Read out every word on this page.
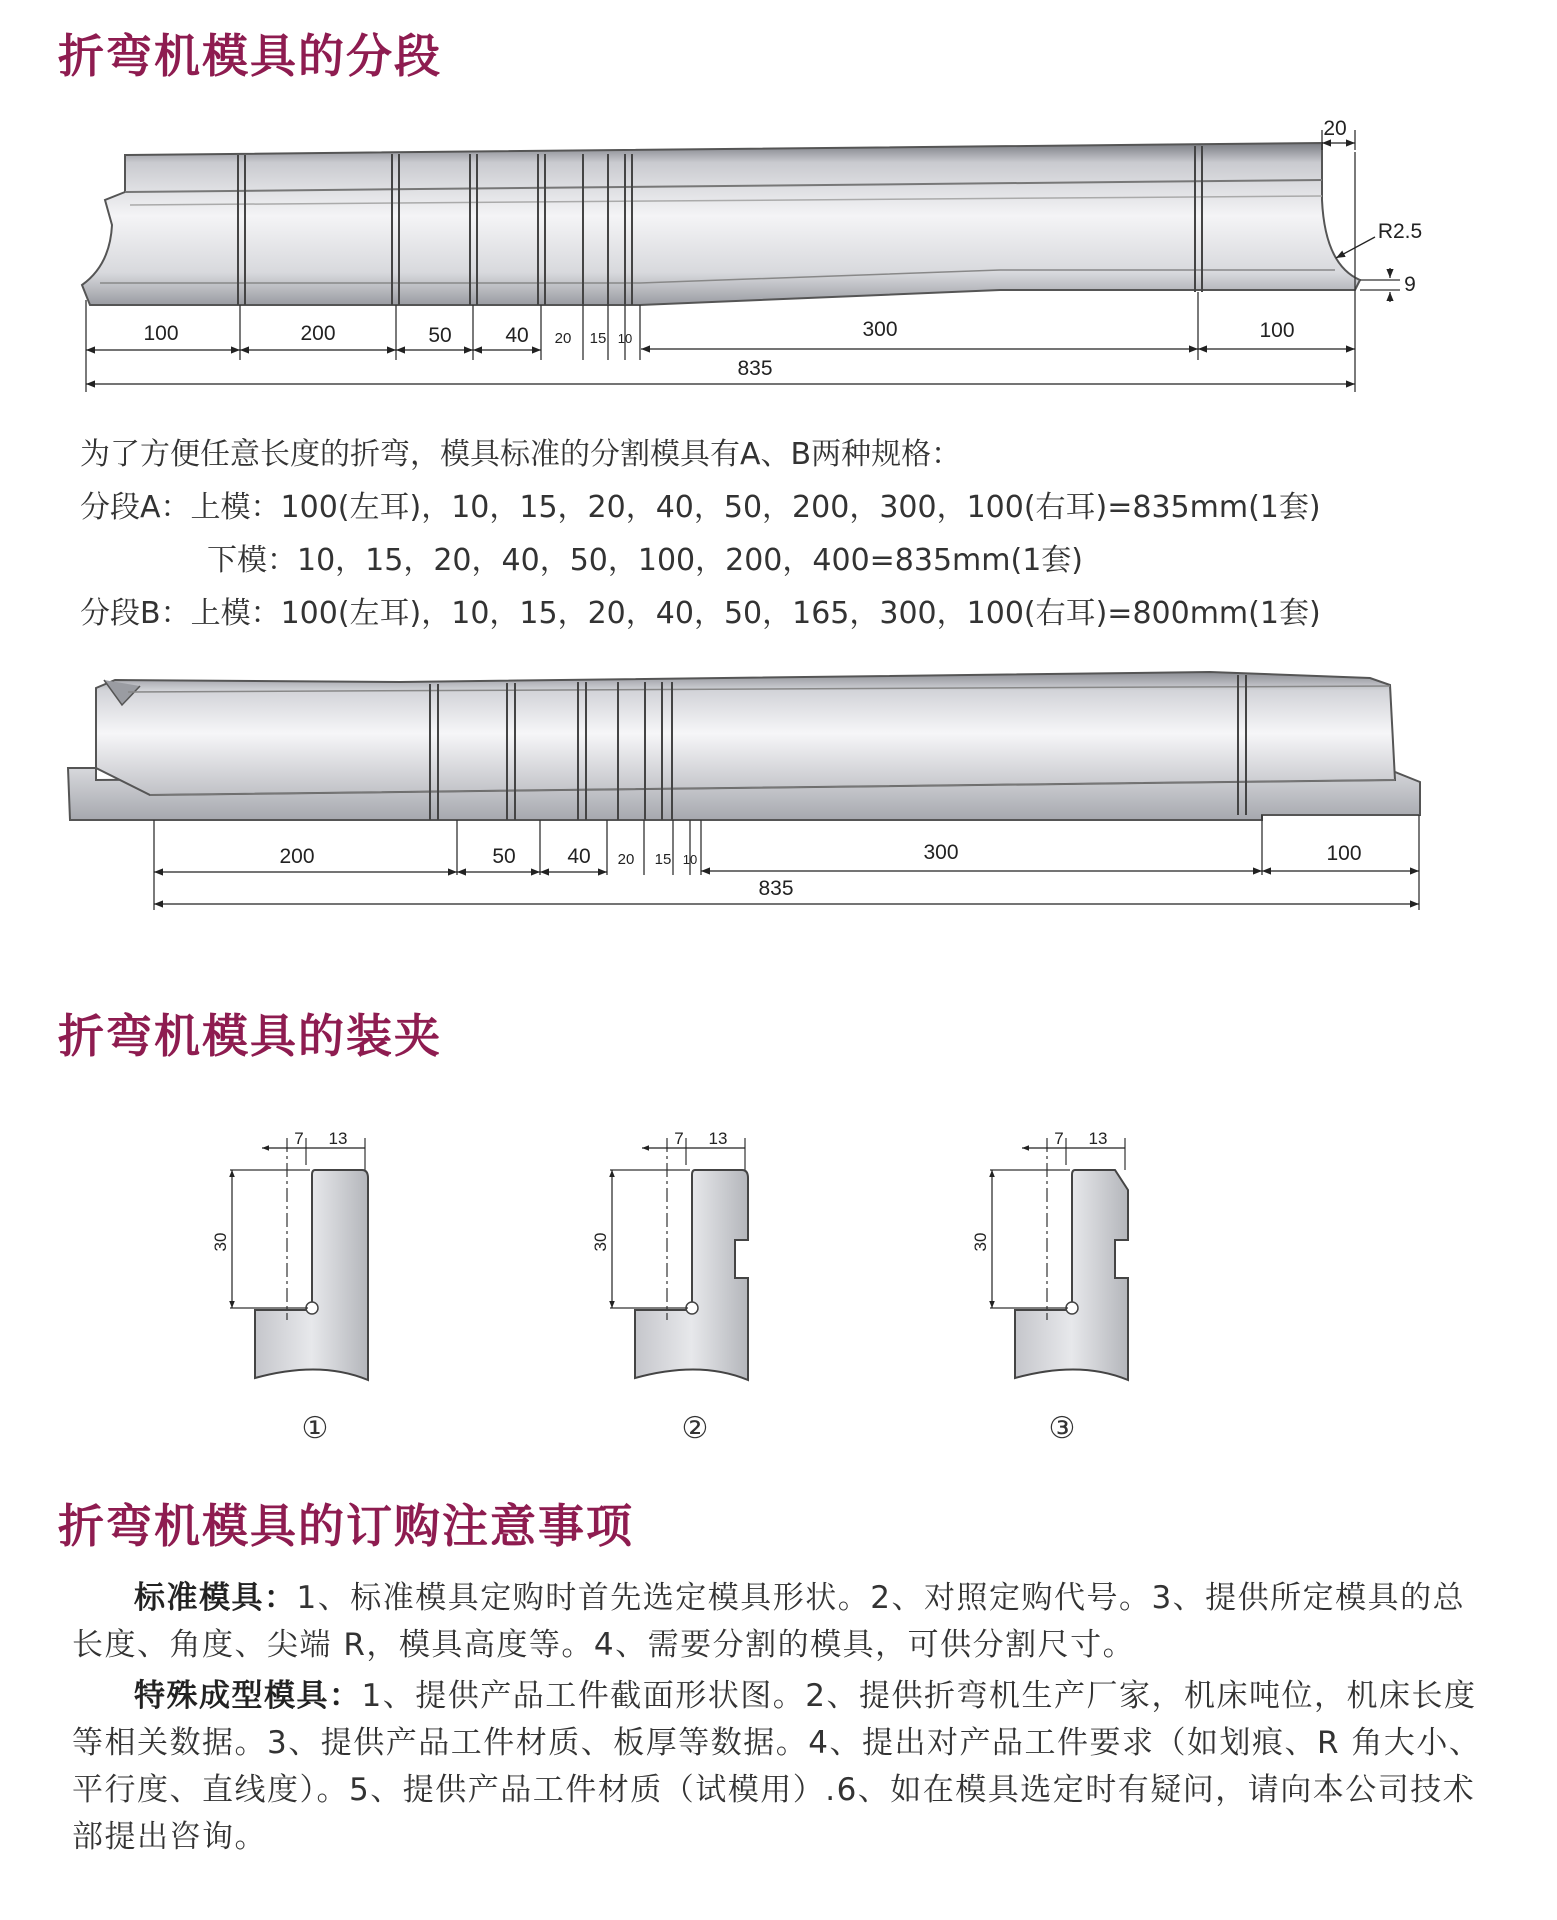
折弯机模具的分段
100	200	50	40 20 15 10	300	100
835
20
R2.5
9

为了方便任意长度的折弯，模具标准的分割模具有A、B两种规格：

分段A：上模：100(左耳)，10，15，20，40，50，200，300，100(右耳)=835mm(1套)

下模：10，15，20，40，50，100，200，400=835mm(1套)

分段B：上模：100(左耳)，10，15，20，40，50，165，300，100(右耳)=800mm(1套)

200	50 40 20 15 10	300	100
835
折弯机模具的装夹
7 13
30
①
7 13
30
②
7 13
30
③
折弯机模具的订购注意事项

标准模具：1、标准模具定购时首先选定模具形状。2、对照定购代号。3、提供所定模具的总长度、角度、尖端 R，模具高度等。4、需要分割的模具，可供分割尺寸。

特殊成型模具：1、提供产品工件截面形状图。2、提供折弯机生产厂家，机床吨位，机床长度等相关数据。3、提供产品工件材质、板厚等数据。4、提出对产品工件要求（如划痕、R 角大小、平行度、直线度）。5、提供产品工件材质（试模用）.6、如在模具选定时有疑问，请向本公司技术部提出咨询。
